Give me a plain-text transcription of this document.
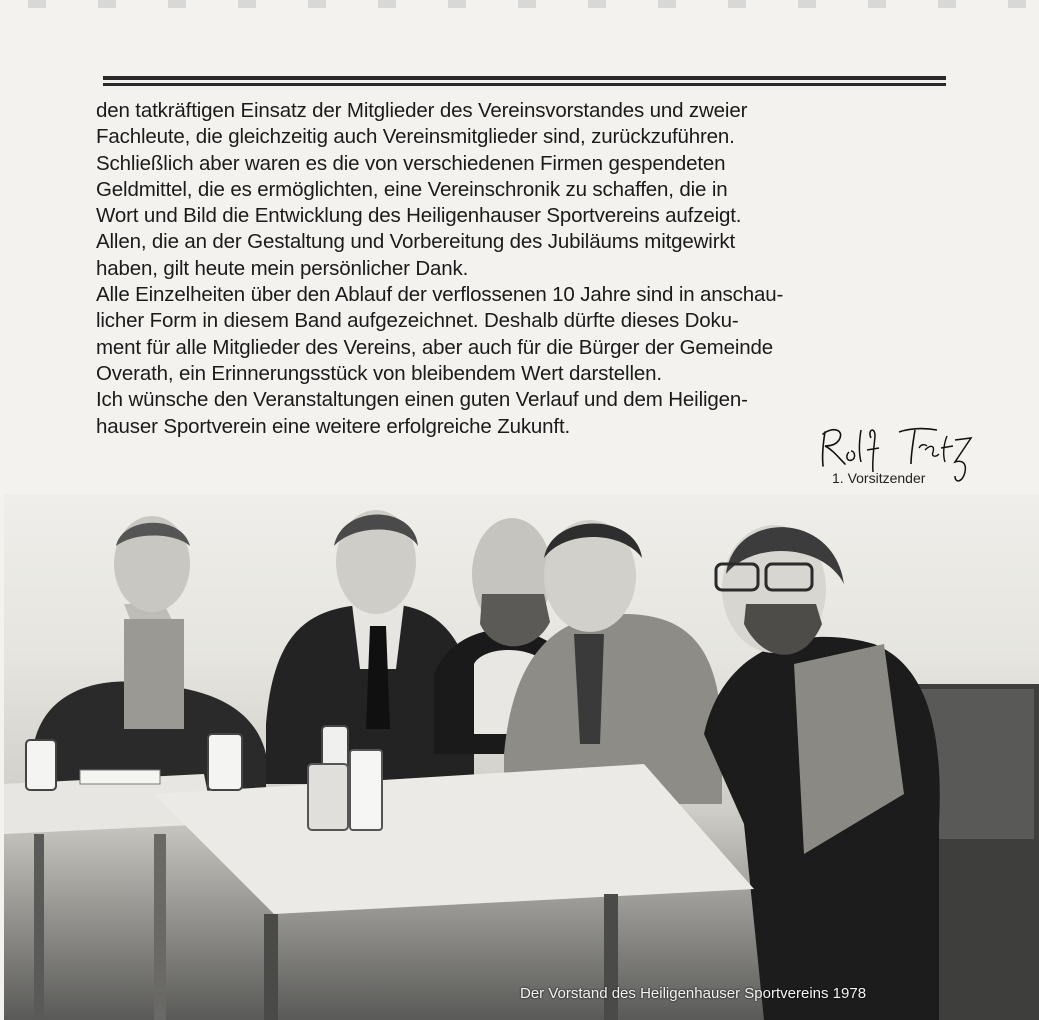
den tatkräftigen Einsatz der Mitglieder des Vereinsvorstandes und zweier
Fachleute, die gleichzeitig auch Vereinsmitglieder sind, zurückzuführen.
Schließlich aber waren es die von verschiedenen Firmen gespendeten
Geldmittel, die es ermöglichten, eine Vereinschronik zu schaffen, die in
Wort und Bild die Entwicklung des Heiligenhauser Sportvereins aufzeigt.
Allen, die an der Gestaltung und Vorbereitung des Jubiläums mitgewirkt
haben, gilt heute mein persönlicher Dank.
Alle Einzelheiten über den Ablauf der verflossenen 10 Jahre sind in anschau-
licher Form in diesem Band aufgezeichnet. Deshalb dürfte dieses Doku-
ment für alle Mitglieder des Vereins, aber auch für die Bürger der Gemeinde
Overath, ein Erinnerungsstück von bleibendem Wert darstellen.
Ich wünsche den Veranstaltungen einen guten Verlauf und dem Heiligen-
hauser Sportverein eine weitere erfolgreiche Zukunft.
1. Vorsitzender
Der Vorstand des Heiligenhauser Sportvereins 1978
